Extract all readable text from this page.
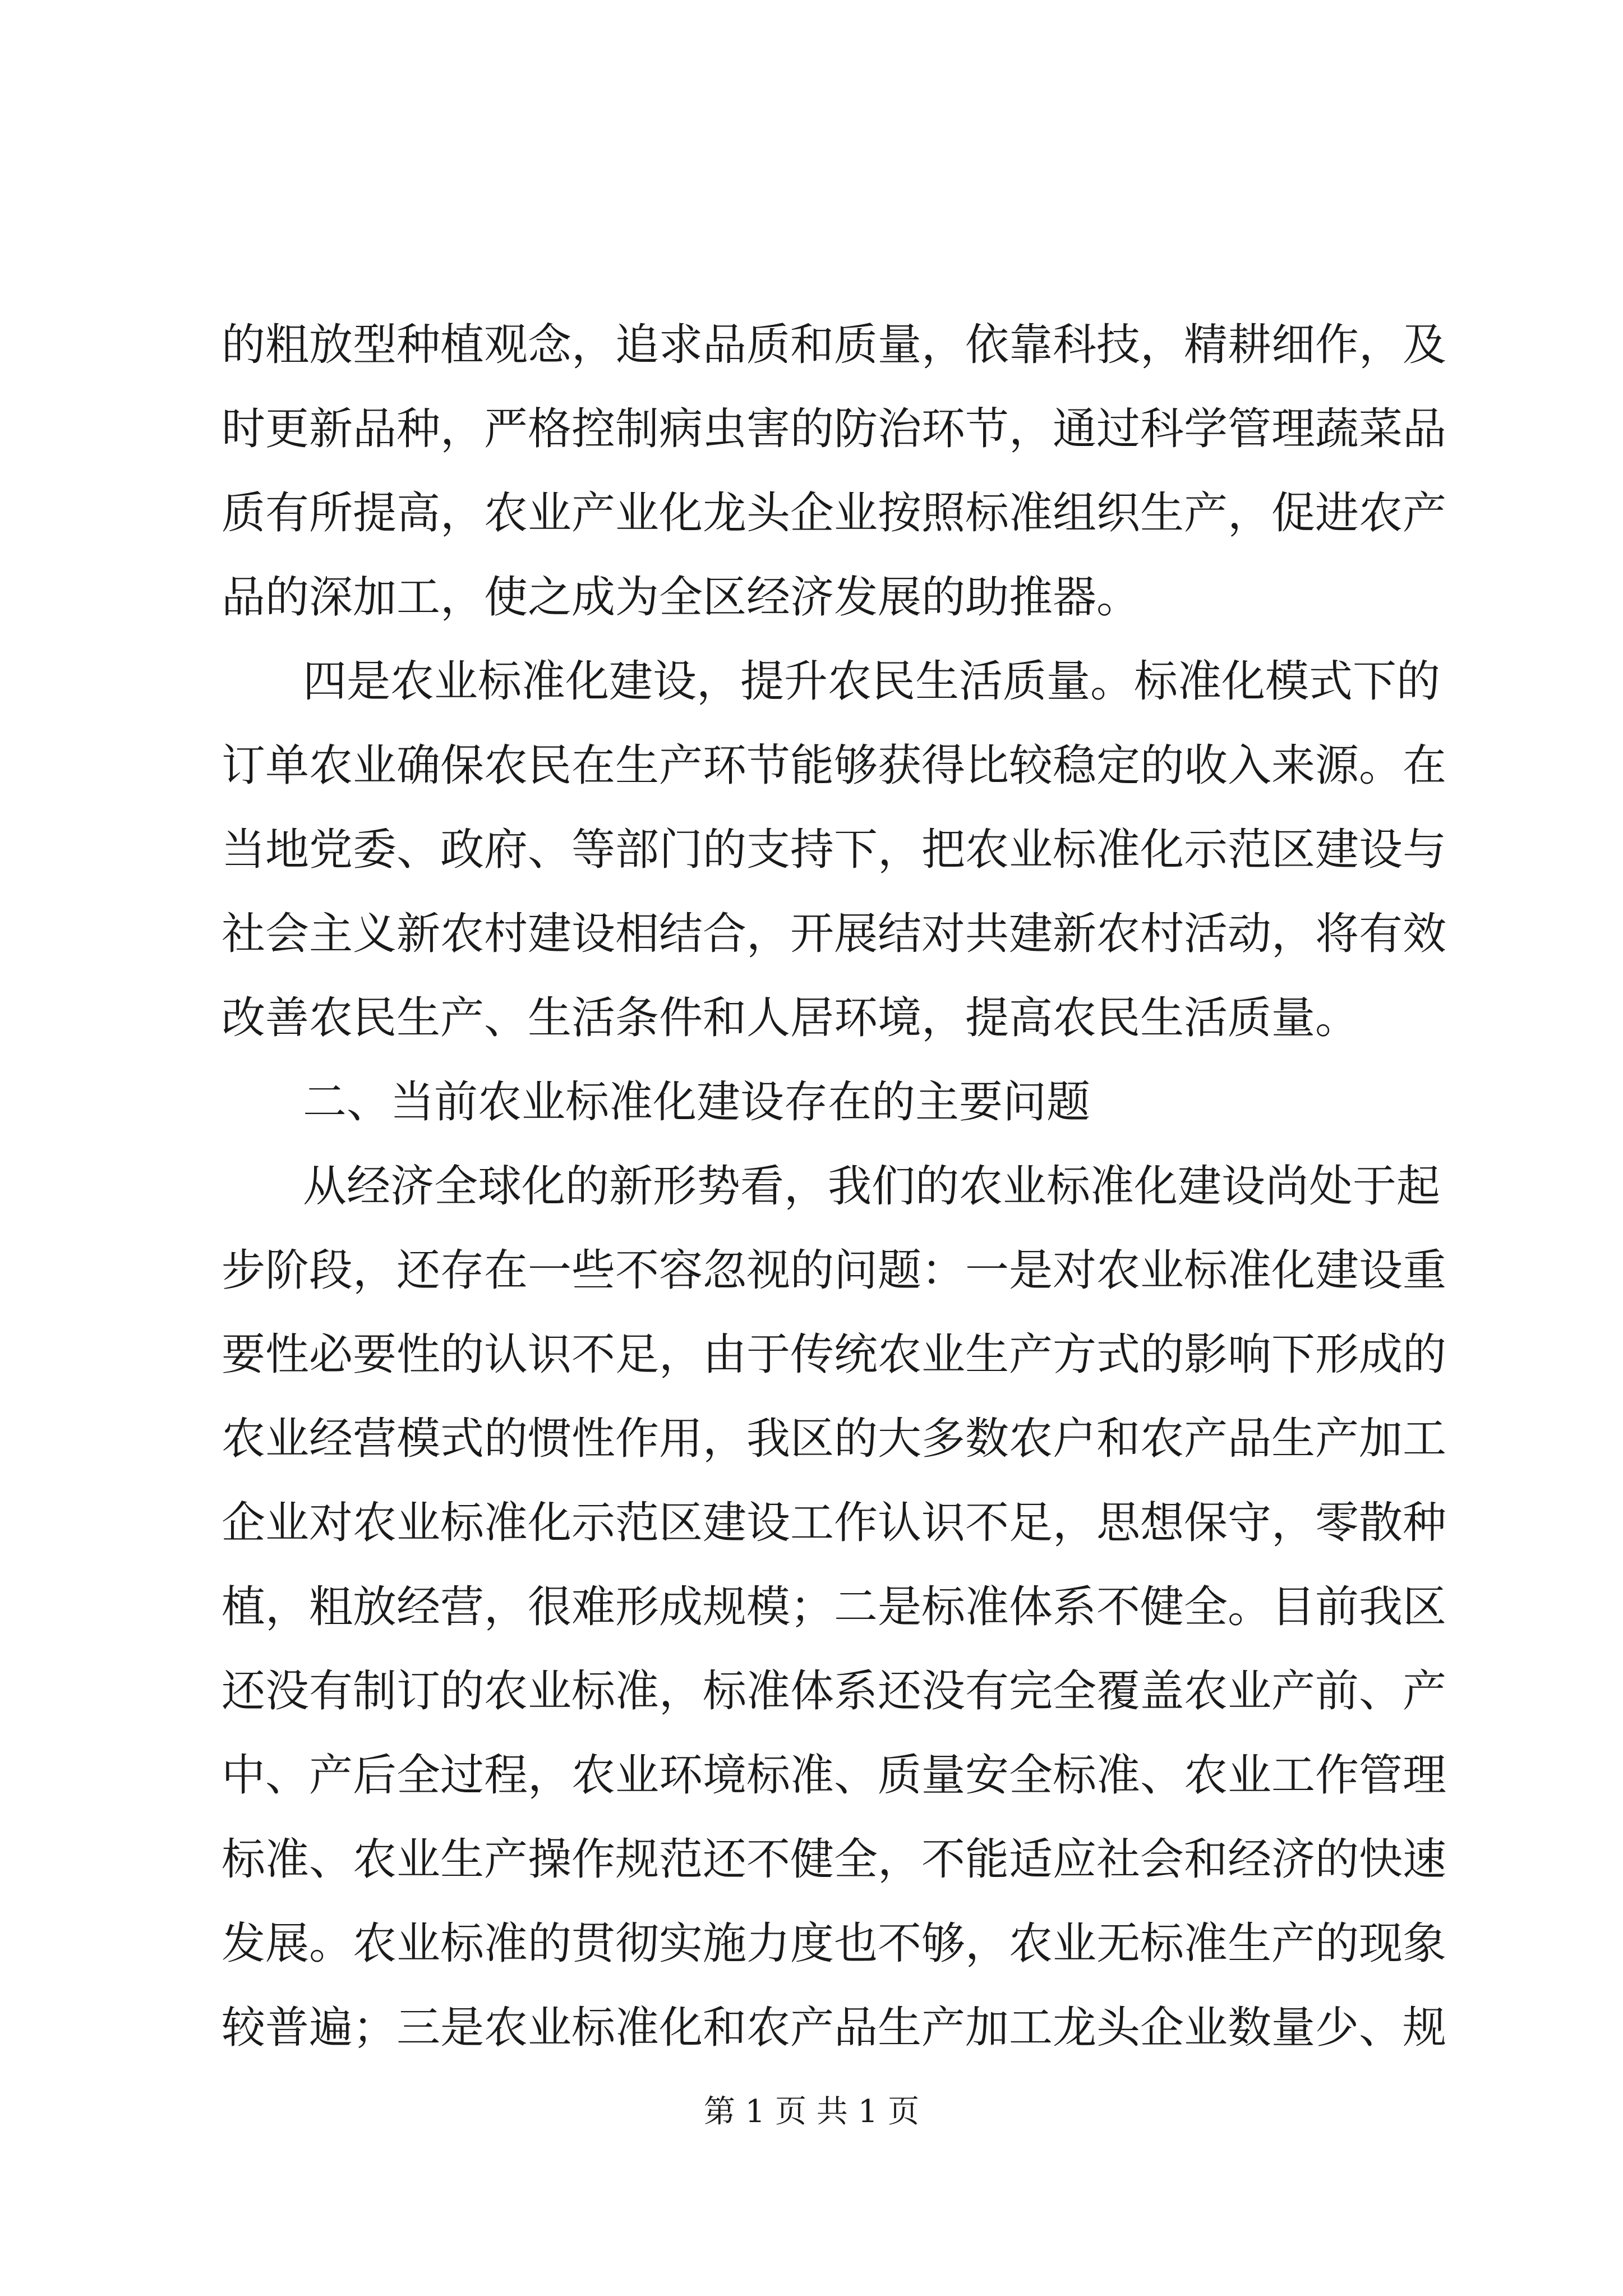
的粗放型种植观念，追求品质和质量，依靠科技，精耕细作，及
时更新品种，严格控制病虫害的防治环节，通过科学管理蔬菜品
质有所提高，农业产业化龙头企业按照标准组织生产，促进农产
品的深加工，使之成为全区经济发展的助推器。
四是农业标准化建设，提升农民生活质量。标准化模式下的
订单农业确保农民在生产环节能够获得比较稳定的收入来源。在
当地党委、政府、等部门的支持下，把农业标准化示范区建设与
社会主义新农村建设相结合，开展结对共建新农村活动，将有效
改善农民生产、生活条件和人居环境，提高农民生活质量。
二、当前农业标准化建设存在的主要问题
从经济全球化的新形势看，我们的农业标准化建设尚处于起
步阶段，还存在一些不容忽视的问题：一是对农业标准化建设重
要性必要性的认识不足，由于传统农业生产方式的影响下形成的
农业经营模式的惯性作用，我区的大多数农户和农产品生产加工
企业对农业标准化示范区建设工作认识不足，思想保守，零散种
植，粗放经营，很难形成规模；二是标准体系不健全。目前我区
还没有制订的农业标准，标准体系还没有完全覆盖农业产前、产
中、产后全过程，农业环境标准、质量安全标准、农业工作管理
标准、农业生产操作规范还不健全，不能适应社会和经济的快速
发展。农业标准的贯彻实施力度也不够，农业无标准生产的现象
较普遍；三是农业标准化和农产品生产加工龙头企业数量少、规
第 1 页 共 1 页
